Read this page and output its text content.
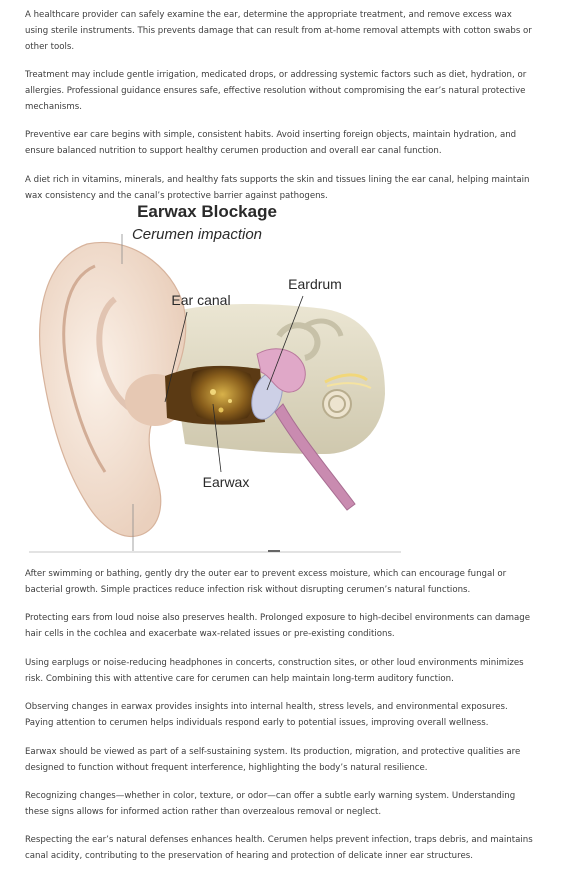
A healthcare provider can safely examine the ear, determine the appropriate treatment, and remove excess wax using sterile instruments. This prevents damage that can result from at-home removal attempts with cotton swabs or other tools.

Treatment may include gentle irrigation, medicated drops, or addressing systemic factors such as diet, hydration, or allergies. Professional guidance ensures safe, effective resolution without compromising the ear’s natural protective mechanisms.

Preventive ear care begins with simple, consistent habits. Avoid inserting foreign objects, maintain hydration, and ensure balanced nutrition to support healthy cerumen production and overall ear canal function.

A diet rich in vitamins, minerals, and healthy fats supports the skin and tissues lining the ear canal, helping maintain wax consistency and the canal’s protective barrier against pathogens.

Earwax Blockage
Cerumen impaction
Ear canal
Eardrum
Earwax

After swimming or bathing, gently dry the outer ear to prevent excess moisture, which can encourage fungal or bacterial growth. Simple practices reduce infection risk without disrupting cerumen’s natural functions.

Protecting ears from loud noise also preserves health. Prolonged exposure to high-decibel environments can damage hair cells in the cochlea and exacerbate wax-related issues or pre-existing conditions.

Using earplugs or noise-reducing headphones in concerts, construction sites, or other loud environments minimizes risk. Combining this with attentive care for cerumen can help maintain long-term auditory function.

Observing changes in earwax provides insights into internal health, stress levels, and environmental exposures. Paying attention to cerumen helps individuals respond early to potential issues, improving overall wellness.

Earwax should be viewed as part of a self-sustaining system. Its production, migration, and protective qualities are designed to function without frequent interference, highlighting the body’s natural resilience.

Recognizing changes—whether in color, texture, or odor—can offer a subtle early warning system. Understanding these signs allows for informed action rather than overzealous removal or neglect.

Respecting the ear’s natural defenses enhances health. Cerumen helps prevent infection, traps debris, and maintains canal acidity, contributing to the preservation of hearing and protection of delicate inner ear structures.
